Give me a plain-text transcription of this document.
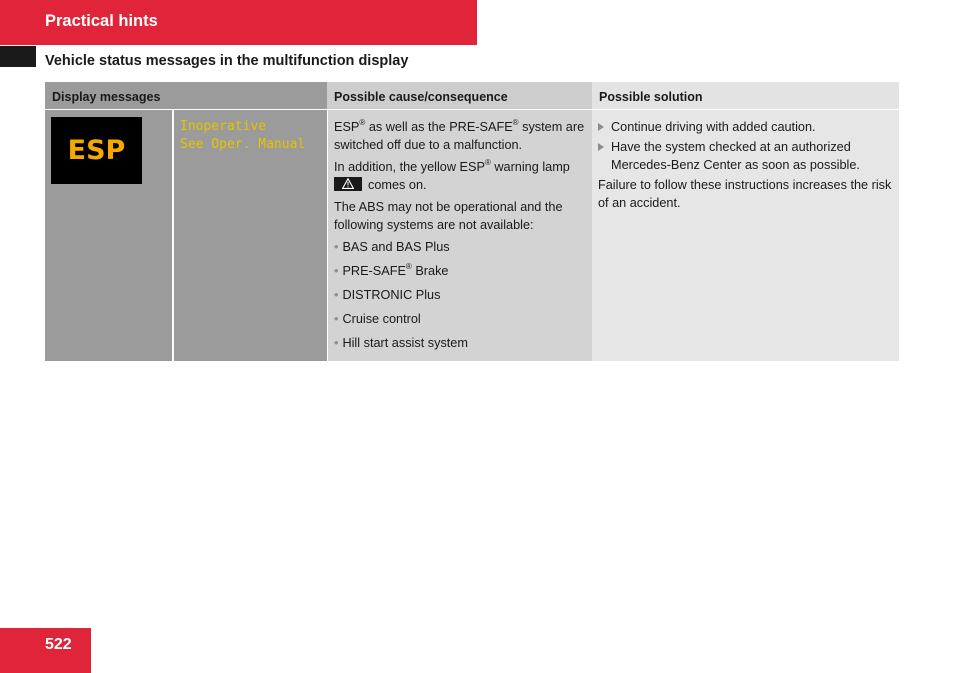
Practical hints
Vehicle status messages in the multifunction display
Display messages	Possible cause/consequence	Possible solution
ESP
Inoperative
See Oper. Manual

ESP® as well as the PRE-SAFE® system are switched off due to a malfunction.

In addition, the yellow ESP® warning lamp

comes on.

The ABS may not be operational and the following systems are not available:

• BAS and BAS Plus
• PRE-SAFE® Brake
• DISTRONIC Plus
• Cruise control
• Hill start assist system
Continue driving with added caution.
Have the system checked at an authorized Mercedes-Benz Center as soon as possible.

Failure to follow these instructions increases the risk of an accident.

522
